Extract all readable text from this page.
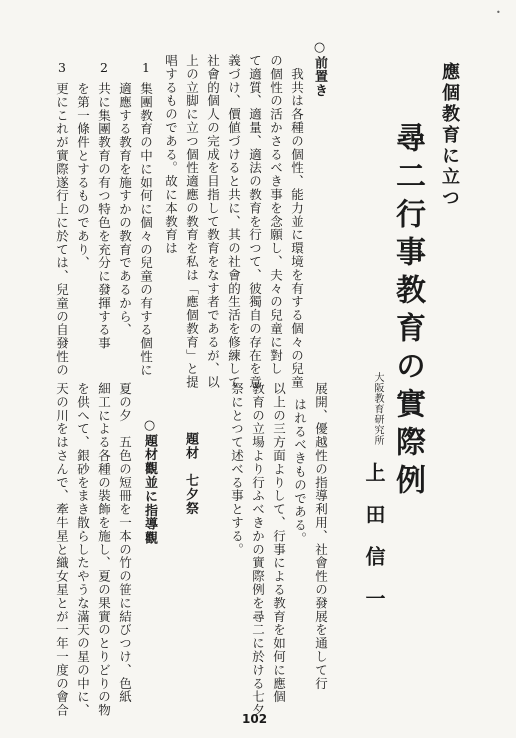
•
應個教育に立つ
尋二行事教育の實際例
○前置き
　我共は各種の個性、能力並に環境を有する個々の兒童
の個性の活かさるべき事を念願し、夫々の兒童に對し
て適質、適量、適法の教育を行つて、彼獨自の存在を意
義づけ、價値づけると共に、其の社會的生活を修練して
社會的個人の完成を目指して教育をなす者であるが、以
上の立脚に立つ個性適應の教育を私は「應個教育」と提
唱するものである。故に本教育は
1
集團教育の中に如何に個々の兒童の有する個性に
適應する教育を施すかの教育であるから、
2
共に集團教育の有つ特色を充分に發揮する事
を第一條件とするものであり、
3
更にこれが實際遂行上に於ては、兒童の自發性の
大阪教育研究所
上田信一
展開、優越性の指導利用、社會性の發展を通して行
はれるべきものである。
以上の三方面よりして、行事による教育を如何に應個
教育の立場より行ふべきかの實際例を尋二に於ける七夕
祭にとつて述べる事とする。
題材　七夕祭
○題材觀並に指導觀
夏の夕　五色の短冊を一本の竹の笹に結びつけ、色紙
細工による各種の裝飾を施し、夏の果實のとりどりの物
を供へて、銀砂をまき散らしたやうな滿天の星の中に、
天の川をはさんで、牽牛星と織女星とが一年一度の會合
102
